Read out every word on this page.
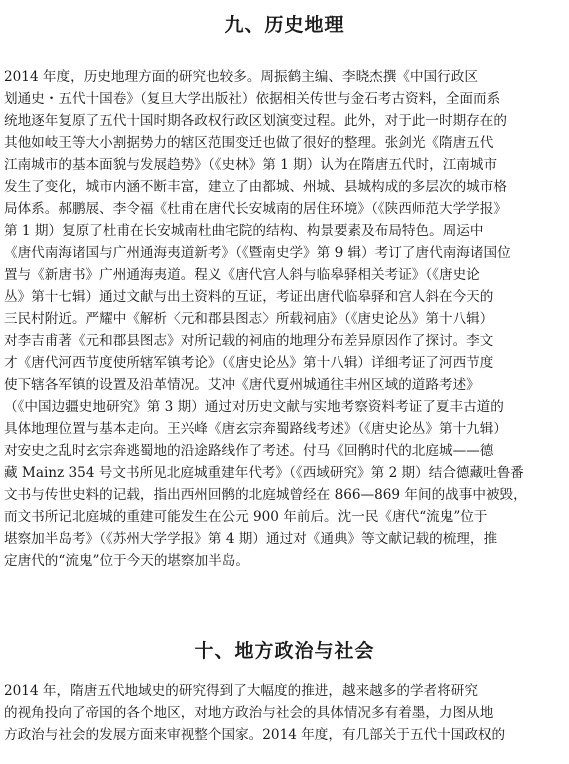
九、历史地理
2014 年度，历史地理方面的研究也较多。周振鹤主编、李晓杰撰《中国行政区
划通史・五代十国卷》（复旦大学出版社）依据相关传世与金石考古资料，全面而系
统地逐年复原了五代十国时期各政权行政区划演变过程。此外，对于此一时期存在的
其他如岐王等大小割据势力的辖区范围变迁也做了很好的整理。张剑光《隋唐五代
江南城市的基本面貌与发展趋势》（《史林》第 1 期）认为在隋唐五代时，江南城市
发生了变化，城市内涵不断丰富，建立了由都城、州城、县城构成的多层次的城市格
局体系。郝鹏展、李令福《杜甫在唐代长安城南的居住环境》（《陕西师范大学学报》
第 1 期）复原了杜甫在长安城南杜曲宅院的结构、构景要素及布局特色。周运中
《唐代南海诸国与广州通海夷道新考》（《暨南史学》第 9 辑）考订了唐代南海诸国位
置与《新唐书》广州通海夷道。程义《唐代宫人斜与临皋驿相关考证》（《唐史论
丛》第十七辑）通过文献与出土资料的互证，考证出唐代临皋驿和宫人斜在今天的
三民村附近。严耀中《解析〈元和郡县图志〉所载祠庙》（《唐史论丛》第十八辑）
对李吉甫著《元和郡县图志》对所记载的祠庙的地理分布差异原因作了探讨。李文
才《唐代河西节度使所辖军镇考论》（《唐史论丛》第十八辑）详细考证了河西节度
使下辖各军镇的设置及沿革情况。艾冲《唐代夏州城通往丰州区域的道路考述》
（《中国边疆史地研究》第 3 期）通过对历史文献与实地考察资料考证了夏丰古道的
具体地理位置与基本走向。王兴峰《唐玄宗奔蜀路线考述》（《唐史论丛》第十九辑）
对安史之乱时玄宗奔逃蜀地的沿途路线作了考述。付马《回鹘时代的北庭城——德
藏 Mainz 354 号文书所见北庭城重建年代考》（《西域研究》第 2 期）结合德藏吐鲁番
文书与传世史料的记载，指出西州回鹘的北庭城曾经在 866—869 年间的战事中被毁，
而文书所记北庭城的重建可能发生在公元 900 年前后。沈一民《唐代“流鬼”位于
堪察加半岛考》（《苏州大学学报》第 4 期）通过对《通典》等文献记载的梳理，推
定唐代的“流鬼”位于今天的堪察加半岛。
十、地方政治与社会
2014 年，隋唐五代地域史的研究得到了大幅度的推进，越来越多的学者将研究
的视角投向了帝国的各个地区，对地方政治与社会的具体情况多有着墨，力图从地
方政治与社会的发展方面来审视整个国家。2014 年度，有几部关于五代十国政权的
